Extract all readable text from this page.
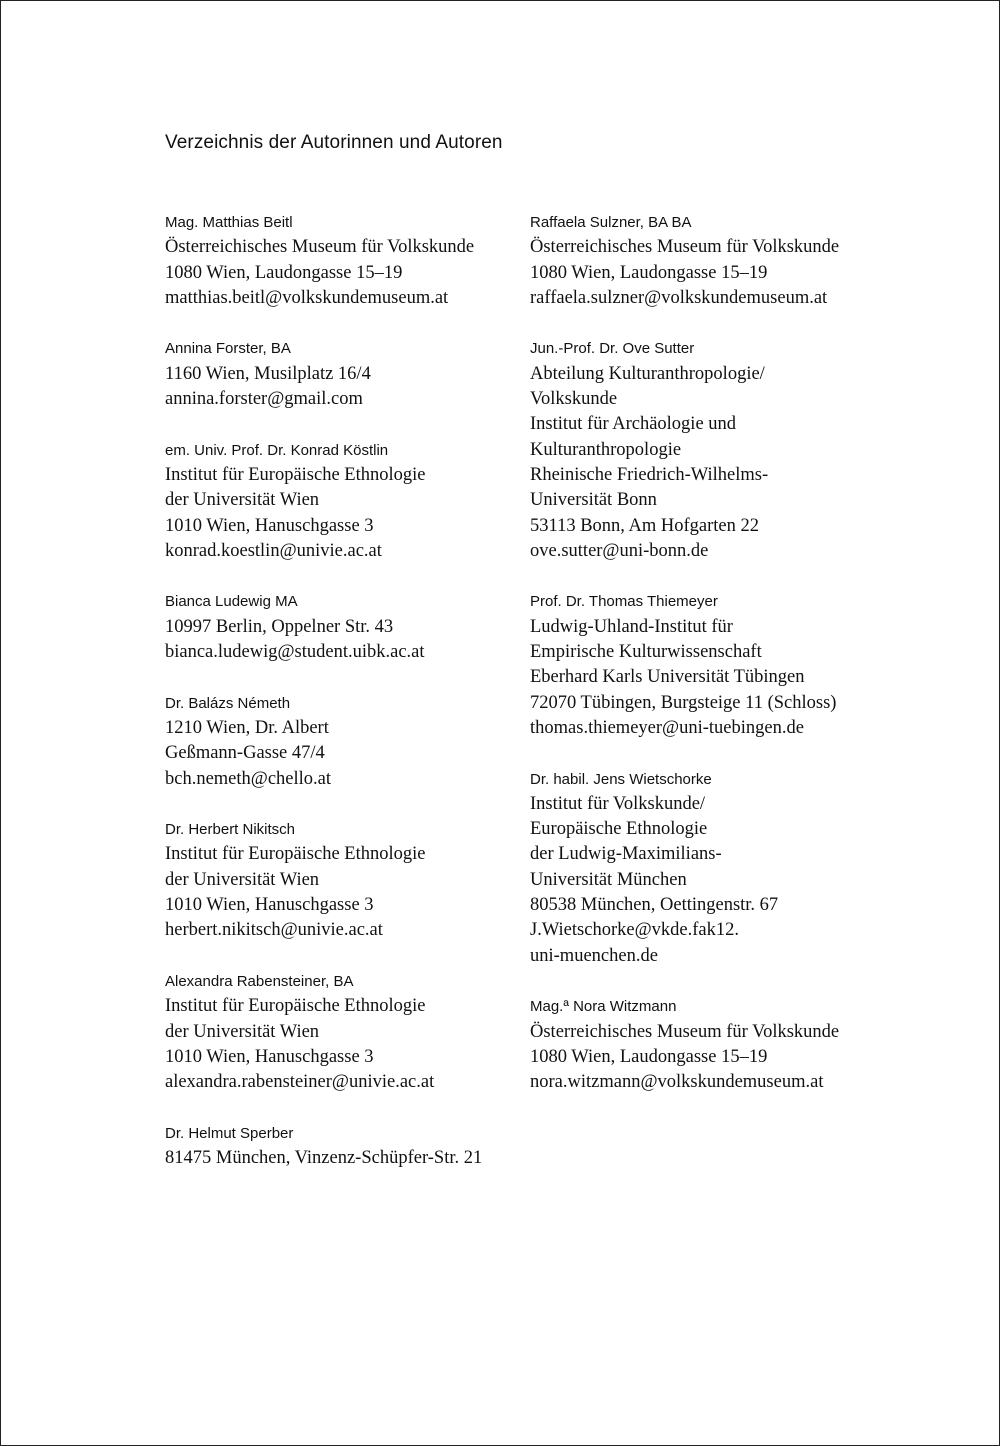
Verzeichnis der Autorinnen und Autoren
Mag. Matthias Beitl
Österreichisches Museum für Volkskunde
1080 Wien, Laudongasse 15–19
matthias.beitl@volkskundemuseum.at
Annina Forster, BA
1160 Wien, Musilplatz 16/4
annina.forster@gmail.com
em. Univ. Prof. Dr. Konrad Köstlin
Institut für Europäische Ethnologie
der Universität Wien
1010 Wien, Hanuschgasse 3
konrad.koestlin@univie.ac.at
Bianca Ludewig MA
10997 Berlin, Oppelner Str. 43
bianca.ludewig@student.uibk.ac.at
Dr. Balázs Németh
1210 Wien, Dr. Albert
Geßmann-Gasse 47/4
bch.nemeth@chello.at
Dr. Herbert Nikitsch
Institut für Europäische Ethnologie
der Universität Wien
1010 Wien, Hanuschgasse 3
herbert.nikitsch@univie.ac.at
Alexandra Rabensteiner, BA
Institut für Europäische Ethnologie
der Universität Wien
1010 Wien, Hanuschgasse 3
alexandra.rabensteiner@univie.ac.at
Dr. Helmut Sperber
81475 München, Vinzenz-Schüpfer-Str. 21
Raffaela Sulzner, BA BA
Österreichisches Museum für Volkskunde
1080 Wien, Laudongasse 15–19
raffaela.sulzner@volkskundemuseum.at
Jun.-Prof. Dr. Ove Sutter
Abteilung Kulturanthropologie/
Volkskunde
Institut für Archäologie und
Kulturanthropologie
Rheinische Friedrich-Wilhelms-
Universität Bonn
53113 Bonn, Am Hofgarten 22
ove.sutter@uni-bonn.de
Prof. Dr. Thomas Thiemeyer
Ludwig-Uhland-Institut für
Empirische Kulturwissenschaft
Eberhard Karls Universität Tübingen
72070 Tübingen, Burgsteige 11 (Schloss)
thomas.thiemeyer@uni-tuebingen.de
Dr. habil. Jens Wietschorke
Institut für Volkskunde/
Europäische Ethnologie
der Ludwig-Maximilians-
Universität München
80538 München, Oettingenstr. 67
J.Wietschorke@vkde.fak12.
uni-muenchen.de
Mag.ª Nora Witzmann
Österreichisches Museum für Volkskunde
1080 Wien, Laudongasse 15–19
nora.witzmann@volkskundemuseum.at
